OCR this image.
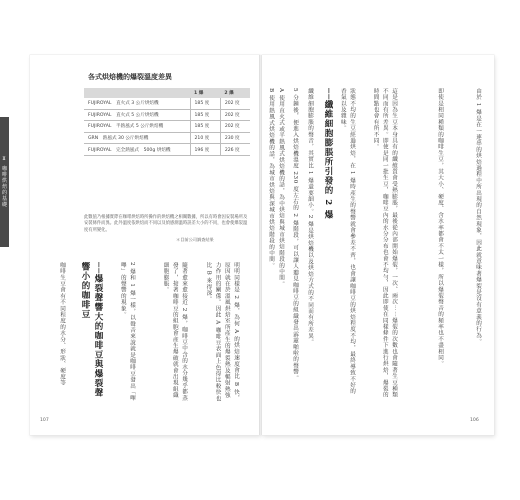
Ⅱ 咖啡烘焙的基礎
各式烘焙機的爆裂溫度差異
	1 爆	2 爆
FUJIROYAL　直火式 3 公斤烘焙機	185 度	202 度
FUJIROYAL　直火式 5 公斤烘焙機	185 度	202 度
FUJIROYAL　半熱風式 5 公斤烘焙機	185 度	202 度
GRN　熱風式 30 公斤烘焙機	210 度	230 度
FUJIROYAL　完全熱風式　500g 烘焙機	196 度	226 度
此數值乃根據實際在咖啡烘焙時所操作的烘焙機之相關數據，所以有時會因安裝場所及安裝條件而異。此外溫度依烘焙而不同以及偵感測溫時誤差大小的不同，也會使爆裂溫度有所變化。
＊目前公司調查結果
明明同樣是 2 爆，為何 A 的烘焙速度會比 B 快，原因就在於溫風烘焙室所產生的爆裂熱及輻射熱強力作用的關係。因此 A 咖啡豆表面上色得比較快也比 B 來得深。
隨著愈來愈接近 2 爆，咖啡豆中含的水分幾乎都蒸發了，接著咖啡豆的組胞會產生爆破就會出現組織細胞膨脹。
2 爆和 1 爆一樣，以聲音來說就是咖啡豆發出「嗶嗶」的聲響的現象。
──爆裂聲響大的咖啡豆與爆裂聲響小的咖啡豆
咖啡生豆會有不同程度的水分、形狀、硬度等
107
由於 1 爆是在一連串的烘焙過程中所出現的自然現象，因此就意味著爆裂是沒有意義的行為。
即使是相同種類的咖啡生豆，其大小、硬度、含水率都會不太一樣，所以爆裂聲音的頻率也不盡相同。
這是因為生豆本身具有的纖維質會受熱膨脹，最後從內部開始爆裂，一次、兩次⋯⋯爆裂的次數也會隨著生豆種類不同而有所差異。即使是同一批生豆，咖啡豆內的水分分布也會不均勻，因此即使在同樣條件下進行烘焙，爆裂的時間點也會有所不同。
狀態不均的生豆經過烘焙，在 1 爆時產生的聲響就會參差不齊，也會讓咖啡豆的烘焙程度不均，最終導致不好的香氣以及雜味。
──纖維細胞膨脹所引發的 2 爆
纖維細胞膨脹的聲音，其實比 1 爆還要細小。2 爆是烘焙機以及烘焙方式的不同而有所差異。
5 分鐘後，便進入烘焙機溫度 230 度左右的 2 爆階段，可以讓人聽見咖啡豆的組織發出霹靂啪啦的聲響。
A 使用直火式或半熱風式烘焙機的話，為中烘焙與城市烘焙階段的中間。
B 使用熱風式烘焙機的話，為城市烘焙與深城市烘焙階段的中間。
106
